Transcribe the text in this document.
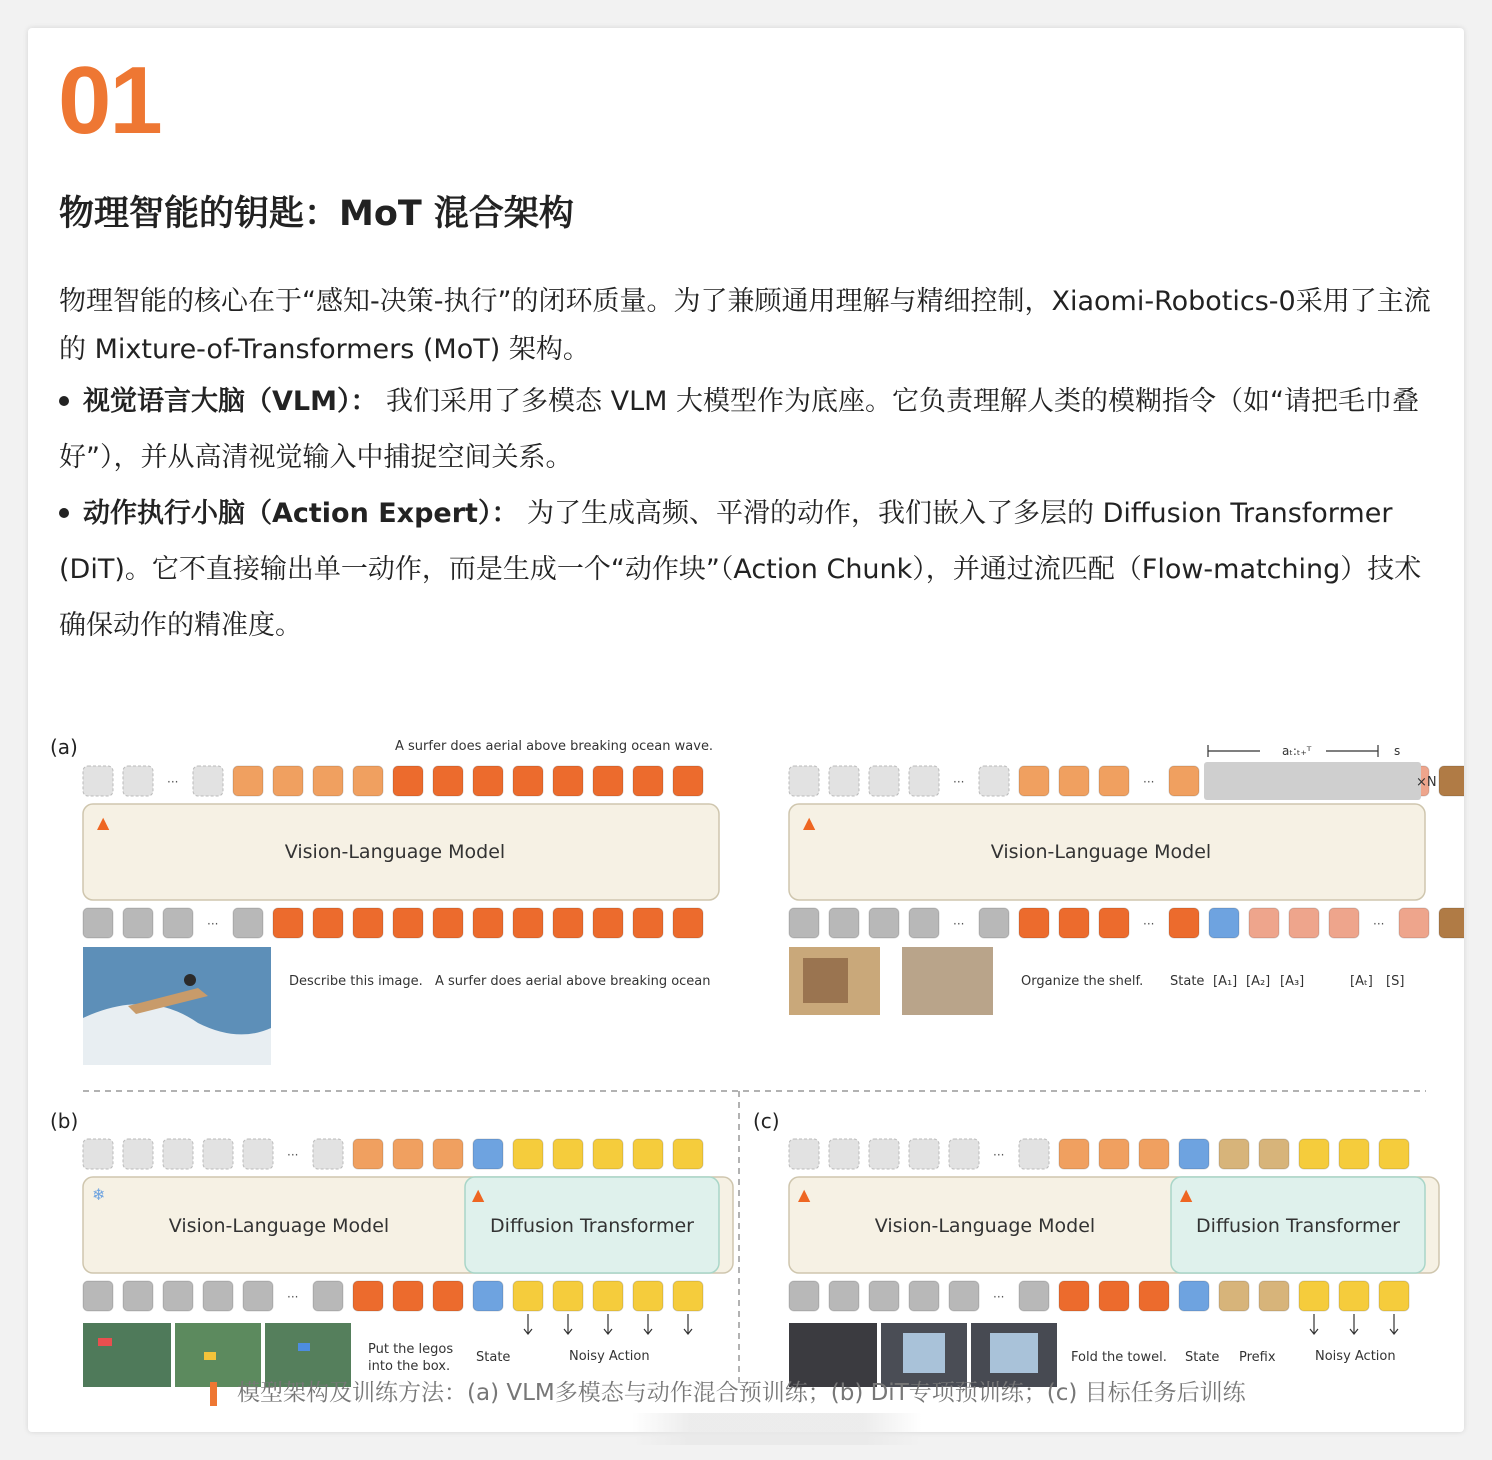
01
物理智能的钥匙：MoT 混合架构
物理智能的核心在于“感知-决策-执行”的闭环质量。为了兼顾通用理解与精细控制，Xiaomi-Robotics-0采用了主流的 Mixture-of-Transformers (MoT) 架构。
视觉语言大脑（VLM）： 我们采用了多模态 VLM 大模型作为底座。它负责理解人类的模糊指令（如“请把毛巾叠好”），并从高清视觉输入中捕捉空间关系。
动作执行小脑（Action Expert）： 为了生成高频、平滑的动作，我们嵌入了多层的 Diffusion Transformer (DiT)。它不直接输出单一动作，而是生成一个“动作块”（Action Chunk），并通过流匹配（Flow-matching）技术确保动作的精准度。
···
···
···	···
···	···	···
···
···
···
···
(a)
(b)	(c)
A surfer does aerial above breaking ocean wave.
▲
Vision-Language Model
Describe this image. A surfer does aerial above breaking ocean
aₜ:ₜ₊ᵀ	s
×N
▲
Vision-Language Model
Organize the shelf. State [A₁] [A₂] [A₃]	[Aₜ] [S]
❄	▲
Vision-Language Model	Diffusion Transformer
Put the legos
into the box.
State	Noisy Action
▲	▲
Vision-Language Model	Diffusion Transformer
Fold the towel. State Prefix	Noisy Action
模型架构及训练方法：(a) VLM多模态与动作混合预训练；(b) DiT专项预训练；(c) 目标任务后训练
